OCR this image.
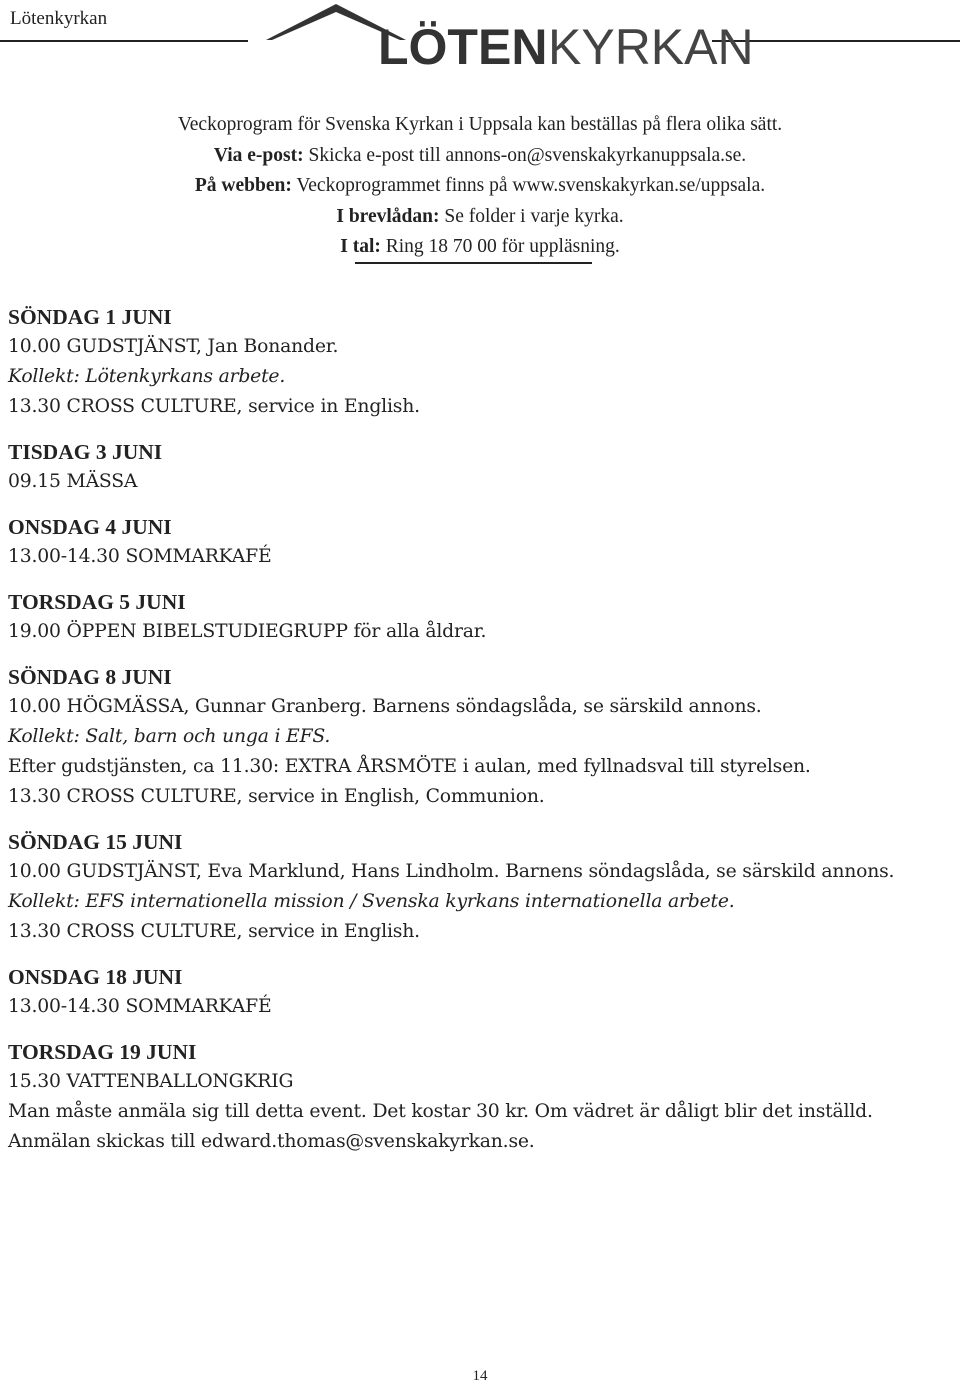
Lötenkyrkan
LÖTEN KYRKAN
Veckoprogram för Svenska Kyrkan i Uppsala kan beställas på flera olika sätt.
Via e-post: Skicka e-post till annons-on@svenskakyrkanuppsala.se.
På webben: Veckoprogrammet finns på www.svenskakyrkan.se/uppsala.
I brevlådan: Se folder i varje kyrka.
I tal: Ring 18 70 00 för uppläsning.
SÖNDAG 1 JUNI
10.00 GUDSTJÄNST, Jan Bonander.
Kollekt: Lötenkyrkans arbete.
13.30 CROSS CULTURE, service in English.
TISDAG 3 JUNI
09.15 MÄSSA
ONSDAG 4 JUNI
13.00-14.30 SOMMARKAFÉ
TORSDAG 5 JUNI
19.00 ÖPPEN BIBELSTUDIEGRUPP för alla åldrar.
SÖNDAG 8 JUNI
10.00 HÖGMÄSSA, Gunnar Granberg. Barnens söndagslåda, se särskild annons.
Kollekt: Salt, barn och unga i EFS.
Efter gudstjänsten, ca 11.30: EXTRA ÅRSMÖTE i aulan, med fyllnadsval till styrelsen.
13.30 CROSS CULTURE, service in English, Communion.
SÖNDAG 15 JUNI
10.00 GUDSTJÄNST, Eva Marklund, Hans Lindholm. Barnens söndagslåda, se särskild annons.
Kollekt: EFS internationella mission / Svenska kyrkans internationella arbete.
13.30 CROSS CULTURE, service in English.
ONSDAG 18 JUNI
13.00-14.30 SOMMARKAFÉ
TORSDAG 19 JUNI
15.30 VATTENBALLONGKRIG
Man måste anmäla sig till detta event. Det kostar 30 kr. Om vädret är dåligt blir det inställd. Anmälan skickas till edward.thomas@svenskakyrkan.se.
14
